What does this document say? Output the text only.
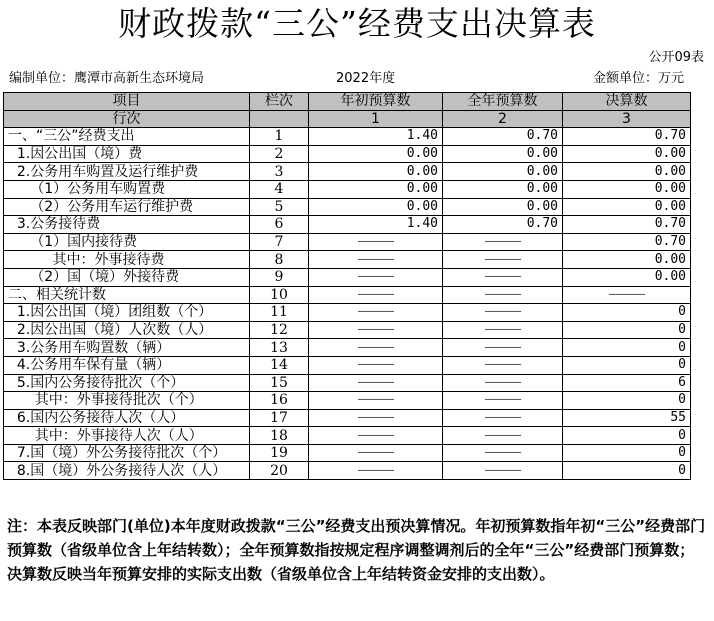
财政拨款“三公”经费支出决算表
公开09表
编制单位：鹰潭市高新生态环境局	2022年度	金额单位：万元
项目	栏次	年初预算数	全年预算数	决算数
行次		1	2	3
一、“三公”经费支出	1	1.40	0.70	0.70
1.因公出国（境）费	2	0.00	0.00	0.00
2.公务用车购置及运行维护费	3	0.00	0.00	0.00
（1）公务用车购置费	4	0.00	0.00	0.00
（2）公务用车运行维护费	5	0.00	0.00	0.00
3.公务接待费	6	1.40	0.70	0.70
（1）国内接待费	7	————	————	0.70
其中：外事接待费	8	————	————	0.00
（2）国（境）外接待费	9	————	————	0.00
二、相关统计数	10	————	————	————
1.因公出国（境）团组数（个）	11	————	————	0
2.因公出国（境）人次数（人）	12	————	————	0
3.公务用车购置数（辆）	13	————	————	0
4.公务用车保有量（辆）	14	————	————	0
5.国内公务接待批次（个）	15	————	————	6
其中：外事接待批次（个）	16	————	————	0
6.国内公务接待人次（人）	17	————	————	55
其中：外事接待人次（人）	18	————	————	0
7.国（境）外公务接待批次（个）	19	————	————	0
8.国（境）外公务接待人次（人）	20	————	————	0
注：本表反映部门(单位)本年度财政拨款“三公”经费支出预决算情况。年初预算数指年初“三公”经费部门预算数（省级单位含上年结转数）；全年预算数指按规定程序调整调剂后的全年“三公”经费部门预算数；决算数反映当年预算安排的实际支出数（省级单位含上年结转资金安排的支出数）。
